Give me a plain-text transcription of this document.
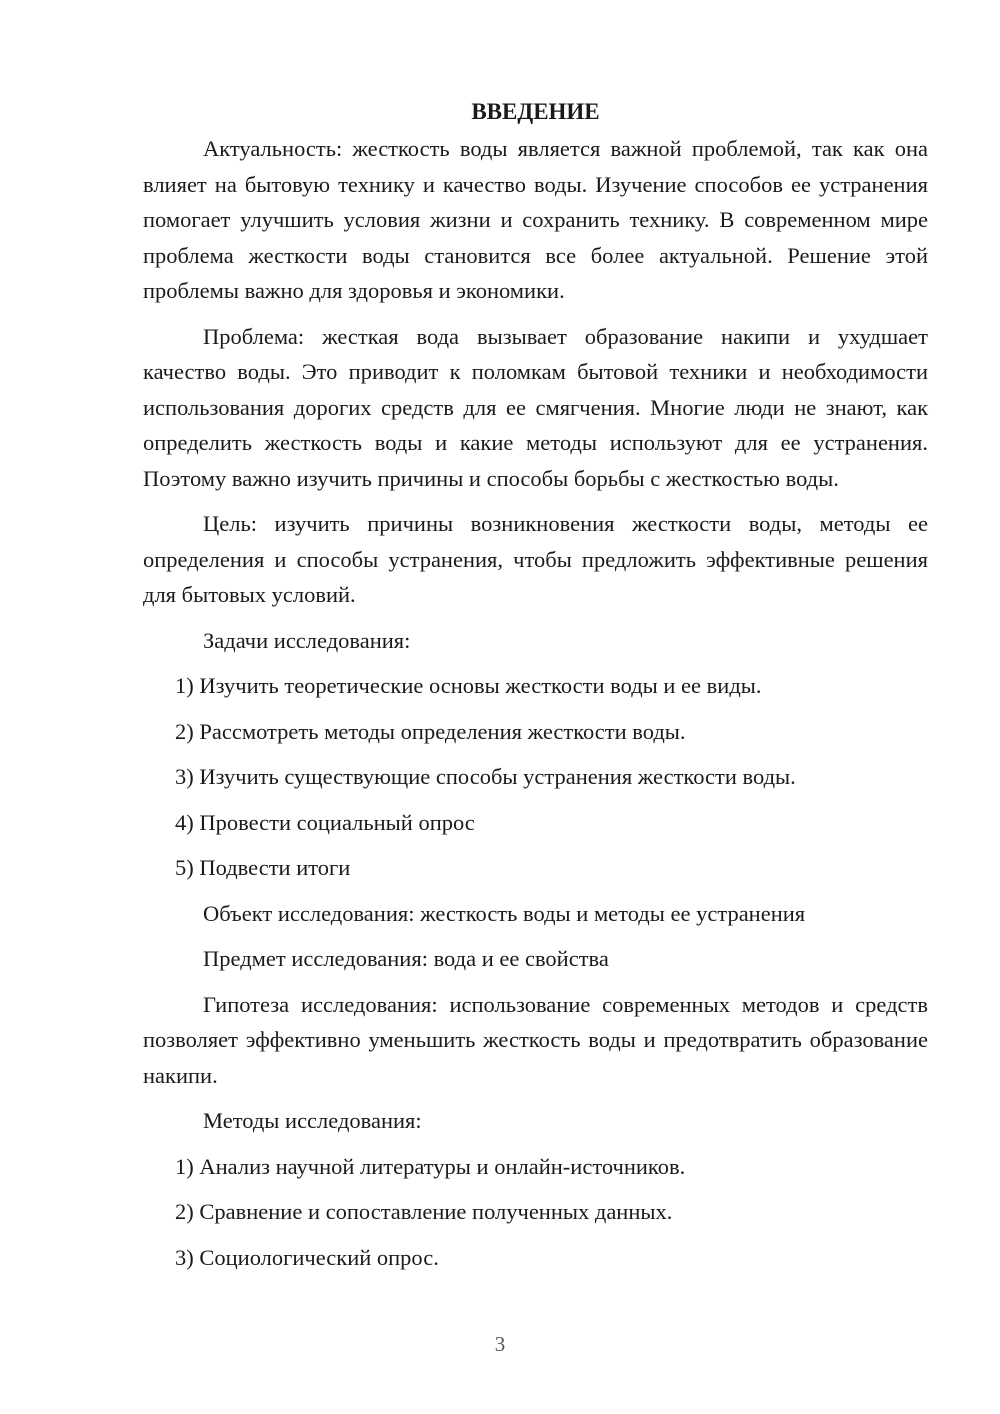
ВВЕДЕНИЕ

Актуальность: жесткость воды является важной проблемой, так как она влияет на бытовую технику и качество воды. Изучение способов ее устранения помогает улучшить условия жизни и сохранить технику. В современном мире проблема жесткости воды становится все более актуальной. Решение этой проблемы важно для здоровья и экономики.

Проблема: жесткая вода вызывает образование накипи и ухудшает качество воды. Это приводит к поломкам бытовой техники и необходимости использования дорогих средств для ее смягчения. Многие люди не знают, как определить жесткость воды и какие методы используют для ее устранения. Поэтому важно изучить причины и способы борьбы с жесткостью воды.

Цель: изучить причины возникновения жесткости воды, методы ее определения и способы устранения, чтобы предложить эффективные решения для бытовых условий.

Задачи исследования:
1) Изучить теоретические основы жесткости воды и ее виды.
2) Рассмотреть методы определения жесткости воды.
3) Изучить существующие способы устранения жесткости воды.
4) Провести социальный опрос
5) Подвести итоги
Объект исследования: жесткость воды и методы ее устранения
Предмет исследования: вода и ее свойства

Гипотеза исследования: использование современных методов и средств позволяет эффективно уменьшить жесткость воды и предотвратить образование накипи.

Методы исследования:
1) Анализ научной литературы и онлайн-источников.
2) Сравнение и сопоставление полученных данных.
3) Социологический опрос.
3
